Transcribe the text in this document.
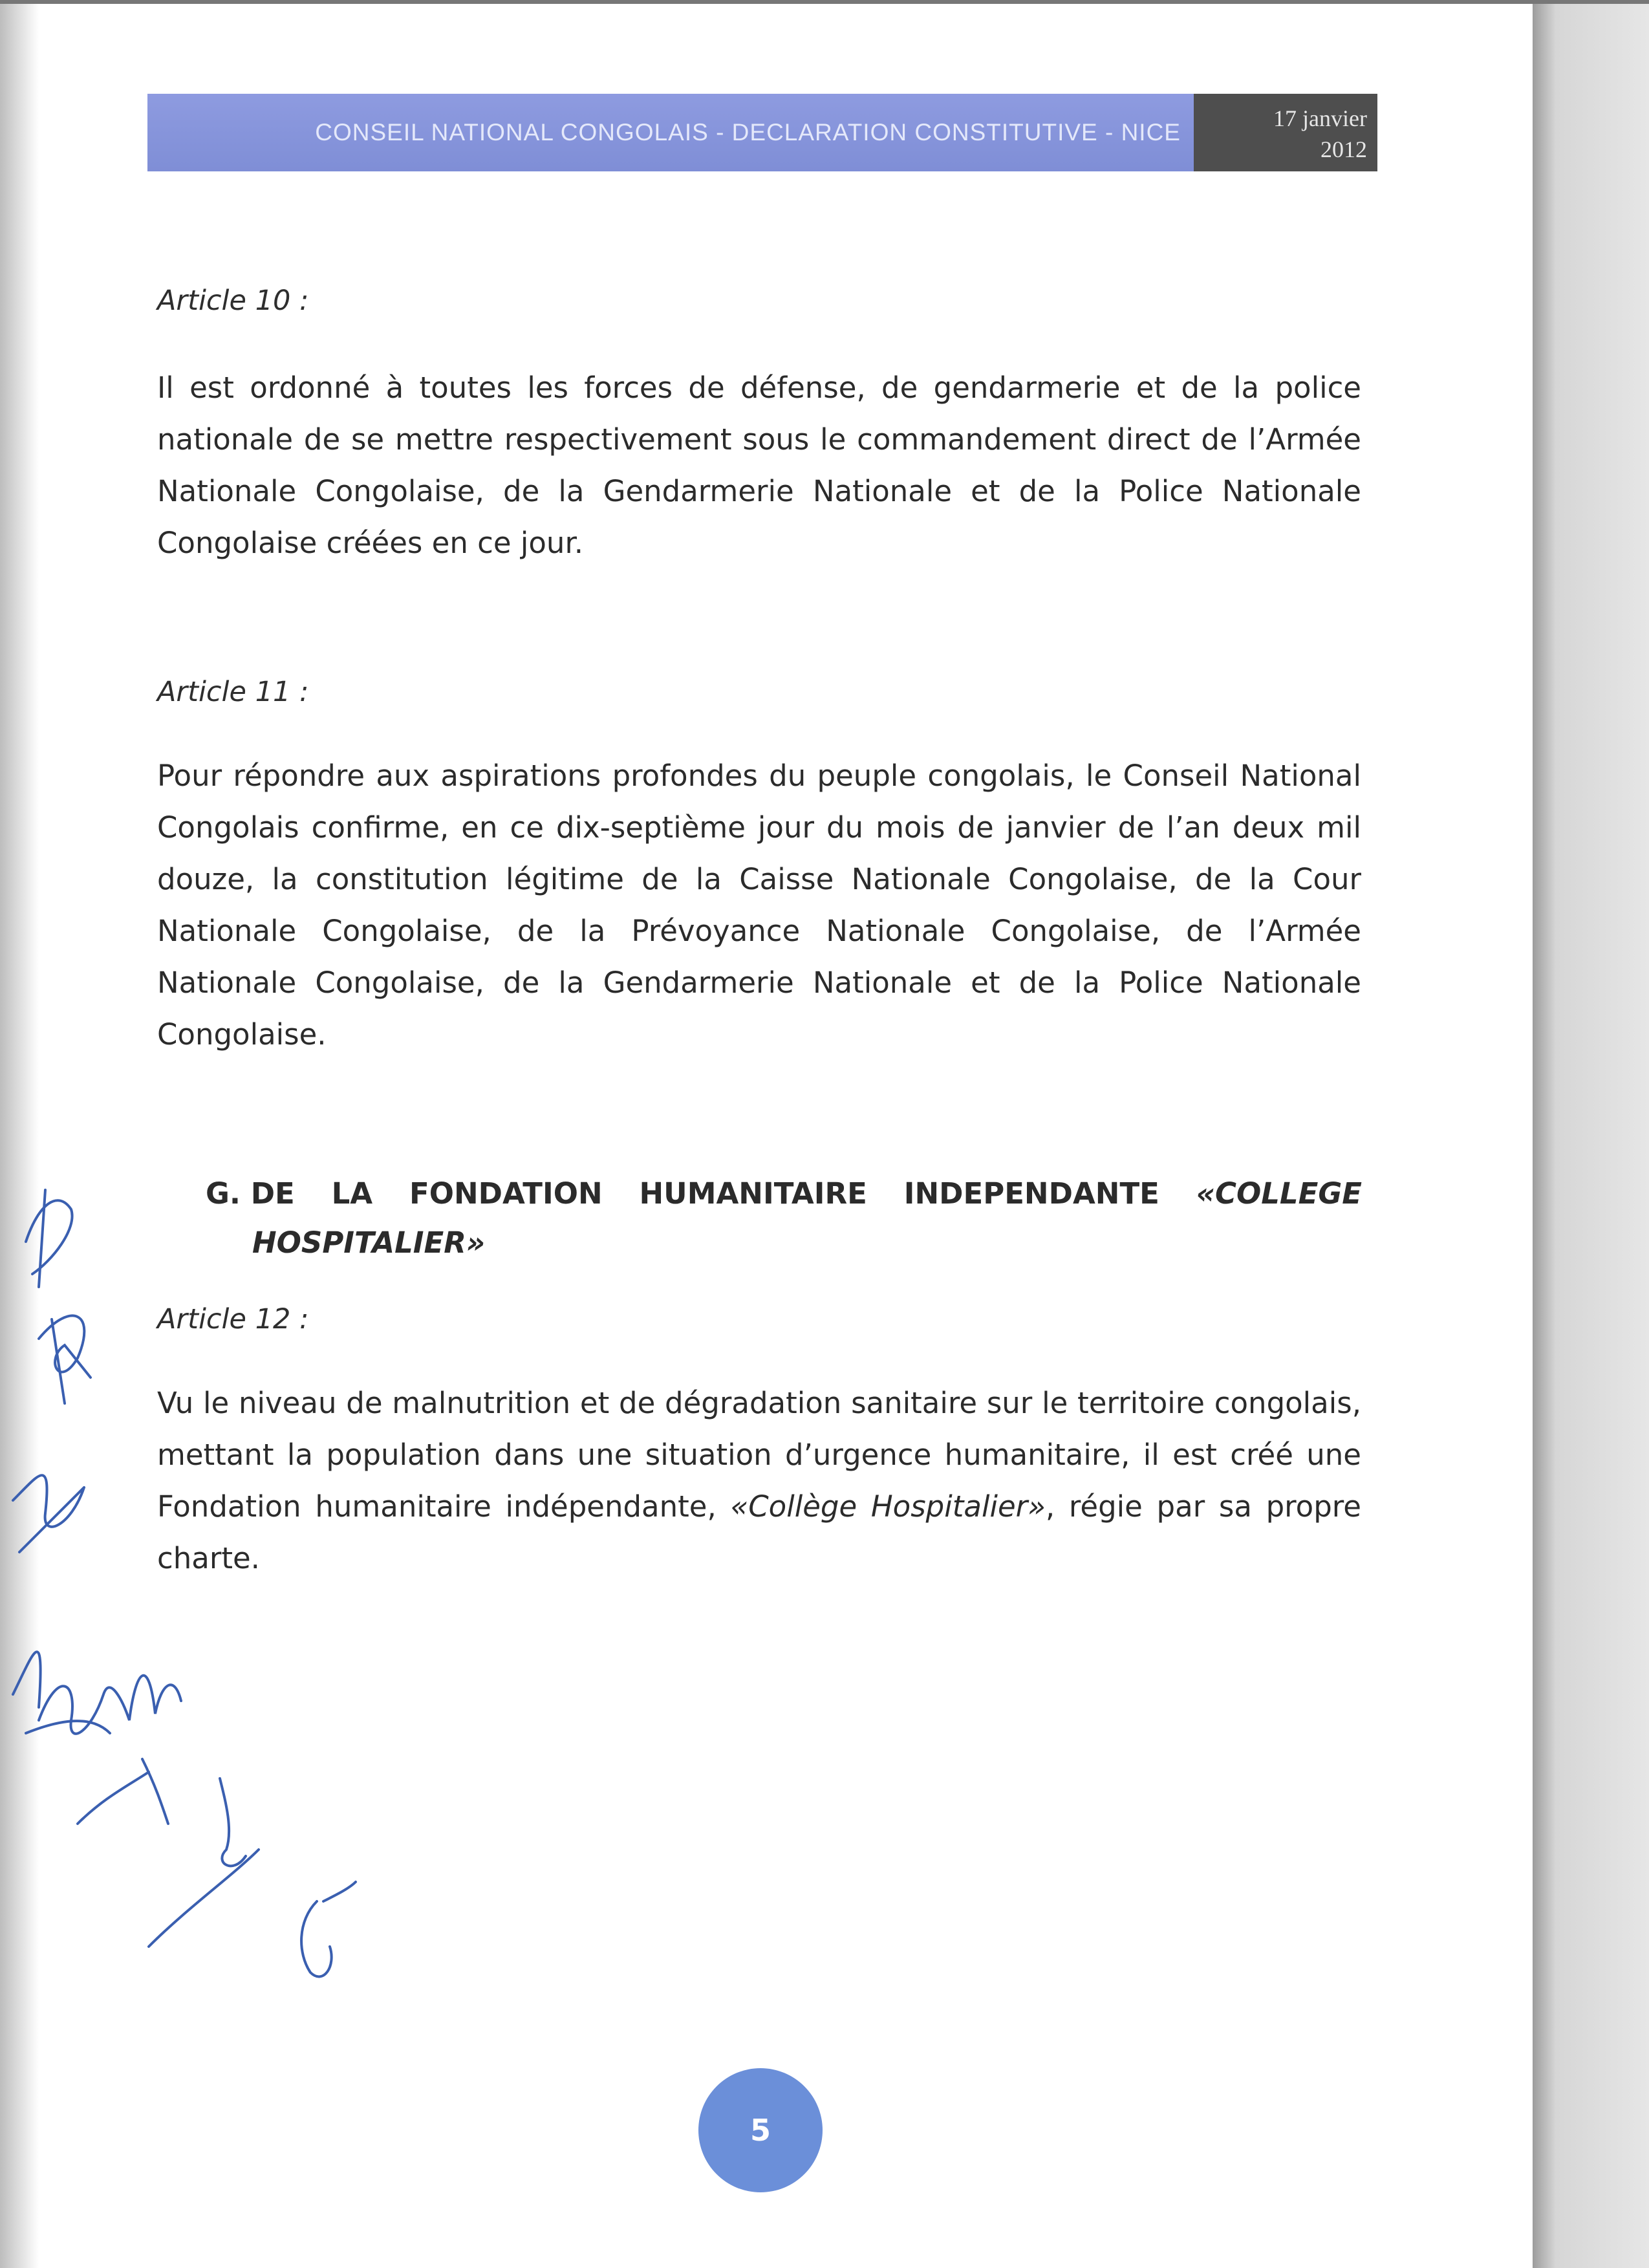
CONSEIL NATIONAL CONGOLAIS - DECLARATION CONSTITUTIVE - NICE
17 janvier
2012
Article 10 :
Il est ordonné à toutes les forces de défense, de gendarmerie et de la police nationale de se mettre respectivement sous le commandement direct de l’Armée Nationale Congolaise, de la Gendarmerie Nationale et de la Police Nationale Congolaise créées en ce jour.
Article 11 :
Pour répondre aux aspirations profondes du peuple congolais, le Conseil National Congolais confirme, en ce dix-septième jour du mois de janvier de l’an deux mil douze, la constitution légitime de la Caisse Nationale Congolaise, de la Cour Nationale Congolaise, de la Prévoyance Nationale Congolaise, de l’Armée Nationale Congolaise, de la Gendarmerie Nationale et de la Police Nationale Congolaise.
G. DE LA FONDATION HUMANITAIRE INDEPENDANTE «COLLEGE
HOSPITALIER»
Article 12 :
Vu le niveau de malnutrition et de dégradation sanitaire sur le territoire congolais, mettant la population dans une situation d’urgence humanitaire, il est créé une Fondation humanitaire indépendante, «Collège Hospitalier», régie par sa propre charte.
5
